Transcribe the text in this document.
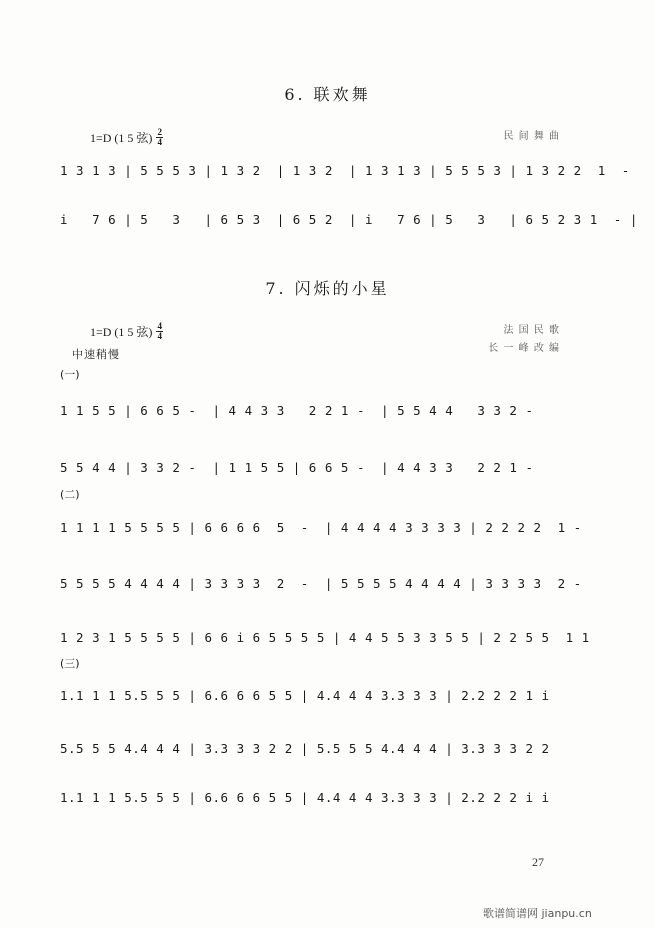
6. 联欢舞
1=D (1 5 弦) $\frac{2}{4}$	民 间 舞 曲
1 3 1 3 | 5 5 5 3 | 1 3 2  | 1 3 2  | 1 3 1 3 | 5 5 5 3 | 1 3 2 2  1  -
i   7 6 | 5   3   | 6 5 3  | 6 5 2  | i   7 6 | 5   3   | 6 5 2 3 1  - |
7. 闪烁的小星
1=D (1 5 弦) $\frac{4}{4}$	法 国 民 歌
长 一 峰 改 编
中速稍慢
(一)
1 1 5 5 | 6 6 5 -  | 4 4 3 3   2 2 1 -  | 5 5 4 4   3 3 2 -
5 5 4 4 | 3 3 2 -  | 1 1 5 5 | 6 6 5 -  | 4 4 3 3   2 2 1 -
(二)
1 1 1 1 5 5 5 5 | 6 6 6 6  5  -  | 4 4 4 4 3 3 3 3 | 2 2 2 2  1 -
5 5 5 5 4 4 4 4 | 3 3 3 3  2  -  | 5 5 5 5 4 4 4 4 | 3 3 3 3  2 -
1 2 3 1 5 5 5 5 | 6 6 i 6 5 5 5 5 | 4 4 5 5 3 3 5 5 | 2 2 5 5  1 1
(三)
1.1 1 1 5.5 5 5 | 6.6 6 6 5 5 | 4.4 4 4 3.3 3 3 | 2.2 2 2 1 i
5.5 5 5 4.4 4 4 | 3.3 3 3 2 2 | 5.5 5 5 4.4 4 4 | 3.3 3 3 2 2
1.1 1 1 5.5 5 5 | 6.6 6 6 5 5 | 4.4 4 4 3.3 3 3 | 2.2 2 2 i i
27
歌谱简谱网 jianpu.cn
